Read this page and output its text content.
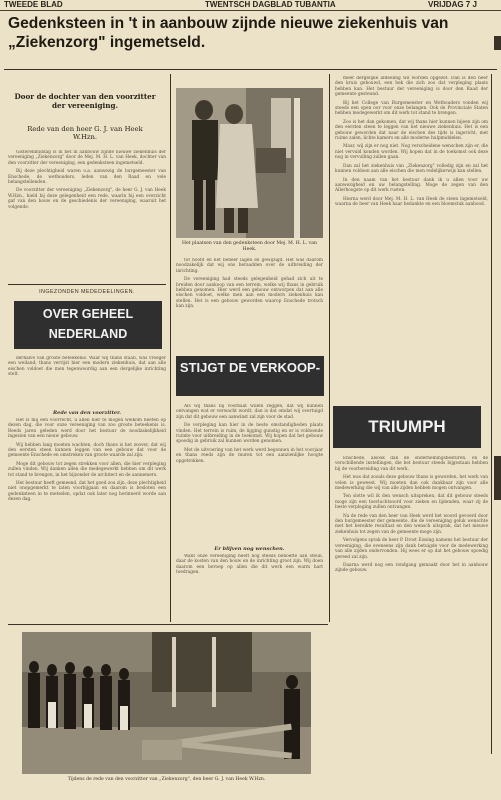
TWEEDE BLAD	TWENTSCH DAGBLAD TUBANTIA	VRIJDAG 7 J
Gedenksteen in 't in aanbouw zijnde nieuwe ziekenhuis van „Ziekenzorg" ingemetseld.
Door de dochter van den voorzitter der vereeniging.
Rede van den heer G. J. van Heek W.Hzn.

Gisterenmiddag is in het in aanbouw zijnde nieuwe ziekenhuis der vereeniging „Ziekenzorg" door de Mej. M. H. L. van Heek, dochter van den voorzitter der vereeniging, een gedenksteen ingemetseld.

Bij deze plechtigheid waren o.a. aanwezig de burgemeester van Enschede, de wethouders, leden van den Raad en vele belangstellenden.

De voorzitter der vereeniging „Ziekenzorg", de heer G. J. van Heek W.Hzn., hield bij deze gelegenheid een rede, waarin hij een overzicht gaf van den bouw en de geschiedenis der vereeniging, waaruit het volgende.

INGEZONDEN MEDEDEELINGEN.
OVER GEHEEL NEDERLAND

derhalve van groote beteekenis. Waar wij thans staan, was vroeger een weiland; thans verrijst hier een modern ziekenhuis, dat aan alle eischen voldoet die men tegenwoordig aan een dergelijke inrichting stelt.

Rede van den voorzitter.

Het is mij een voorrecht, u allen hier te mogen welkom heeten op dezen dag, die voor onze vereeniging van zoo groote beteekenis is. Reeds jaren geleden werd door het bestuur de noodzakelijkheid ingezien van een nieuw gebouw.

Wij hebben lang moeten wachten, doch thans is het zoover, dat wij den eersten steen kunnen leggen van een gebouw dat voor de gemeente Enschede en omstreken van groote waarde zal zijn.

Moge dit gebouw tot zegen strekken voor allen, die hier verpleging zullen vinden. Wij danken allen die medegewerkt hebben om dit werk tot stand te brengen, in het bijzonder de architect en de aannemers.

Het bestuur heeft gemeend, dat het goed zou zijn, deze plechtigheid niet onopgemerkt te laten voorbijgaan en daarom is besloten een gedenksteen in te metselen, opdat ook later nog herinnerd worde aan dezen dag.

Het plaatsen van den gedenksteen door Mej. M. H. L. van Heek.

tot hoofd en het beheer lagen en gewijzigd. Het was daarom noodzakelijk dat wij ons beraadden over de uitbreiding der inrichting.

De vereeniging had steeds gelegenheid gehad zich uit te breiden door aankoop van een terrein, welke wij thans in gebruik hebben genomen. Hier werd een gebouw ontworpen dat aan alle eischen voldoet, welke men aan een modern ziekenhuis kan stellen. Het is een gebouw geworden waarop Enschede trotsch kan zijn.

STIJGT DE VERKOOP-

Als wij thans bij voorbaat willen zeggen, dat wij kunnen ontvangen wat er verwacht wordt, dan is dat omdat wij overtuigd zijn dat dit gebouw een aanwinst zal zijn voor de stad.

De verpleging kan hier in de beste omstandigheden plaats vinden. Het terrein is ruim, de ligging gunstig en er is voldoende ruimte voor uitbreiding in de toekomst. Wij hopen dat het gebouw spoedig in gebruik zal kunnen worden genomen.

Met de uitvoering van het werk werd begonnen in het voorjaar en thans reeds zijn de muren tot een aanzienlijke hoogte opgetrokken.

Er blijven nog wenschen.

Want onze vereeniging heeft nog steeds behoefte aan steun, daar de kosten van den bouw en de inrichting groot zijn. Wij doen daarom een beroep op allen die dit werk een warm hart toedragen.

meer dergelijke afdeeling wil worden opgezet. Dan is den heer den kruis gebouwd, een hek die zich zoo dat verpleging plaats hebben kan. Het bestuur der vereeniging is door den Raad der gemeente gesteund.

Bij het College van Burgemeester en Wethouders vonden wij steeds een open oor voor onze belangen. Ook de Provinciale Staten hebben medegewerkt om dit werk tot stand te brengen.

Zoo is het dan gekomen, dat wij thans hier kunnen bijeen zijn om den eersten steen te leggen van het nieuwe ziekenhuis. Het is een gebouw geworden dat naar de eischen des tijds is ingericht, met ruime zalen, lichte kamers en alle moderne hulpmiddelen.

Maar, wij zijn er nog niet. Nog verscheidene wenschen zijn er, die niet vervuld konden worden. Wij hopen dat in de toekomst ook deze nog in vervulling zullen gaan.

Dan zal het ziekenhuis van „Ziekenzorg" volledig zijn en zal het kunnen voldoen aan alle eischen die men redelijkerwijs kan stellen.

In den naam van het bestuur dank ik u allen voor uw aanwezigheid en uw belangstelling. Moge de zegen van den Allerhoogste op dit werk rusten.

Hierna werd door Mej. M. H. L. van Heek de steen ingemetseld, waarna de heer van Heek haar bedankte en een bloemstuk aanbood.

TRIUMPH

Enschede, alsook dan de ondernemingsbesturen, en de verschillende instellingen, die het bestuur steeds bijgestaan hebben bij de voorbereiding van dit werk.

Het was dat zooals deze gebouw thans is geworden, het werk van velen is geweest. Wij moeten dan ook dankbaar zijn voor alle medewerking die wij van alle zijden hebben mogen ontvangen.

Ten slotte wil ik den wensch uitspreken, dat dit gebouw steeds moge zijn een toevluchtsoord voor zieken en lijdenden, waar zij de beste verpleging zullen ontvangen.

Na de rede van den heer van Heek werd het woord gevoerd door den burgemeester der gemeente, die de vereeniging geluk wenschte met het bereikte resultaat en den wensch uitsprak, dat het nieuwe ziekenhuis tot zegen van de gemeente moge zijn.

Vervolgens sprak de heer P. Drost Eissing namens het bestuur der vereeniging, die eveneens zijn dank betuigde voor de medewerking van alle zijden ondervonden. Hij wees er op dat het gebouw spoedig gereed zal zijn.

Daarna werd nog een rondgang gemaakt door het in aanbouw zijnde gebouw.

Tijdens de rede van den voorzitter van „Ziekenzorg", den heer G. J. van Heek W.Hzn.
